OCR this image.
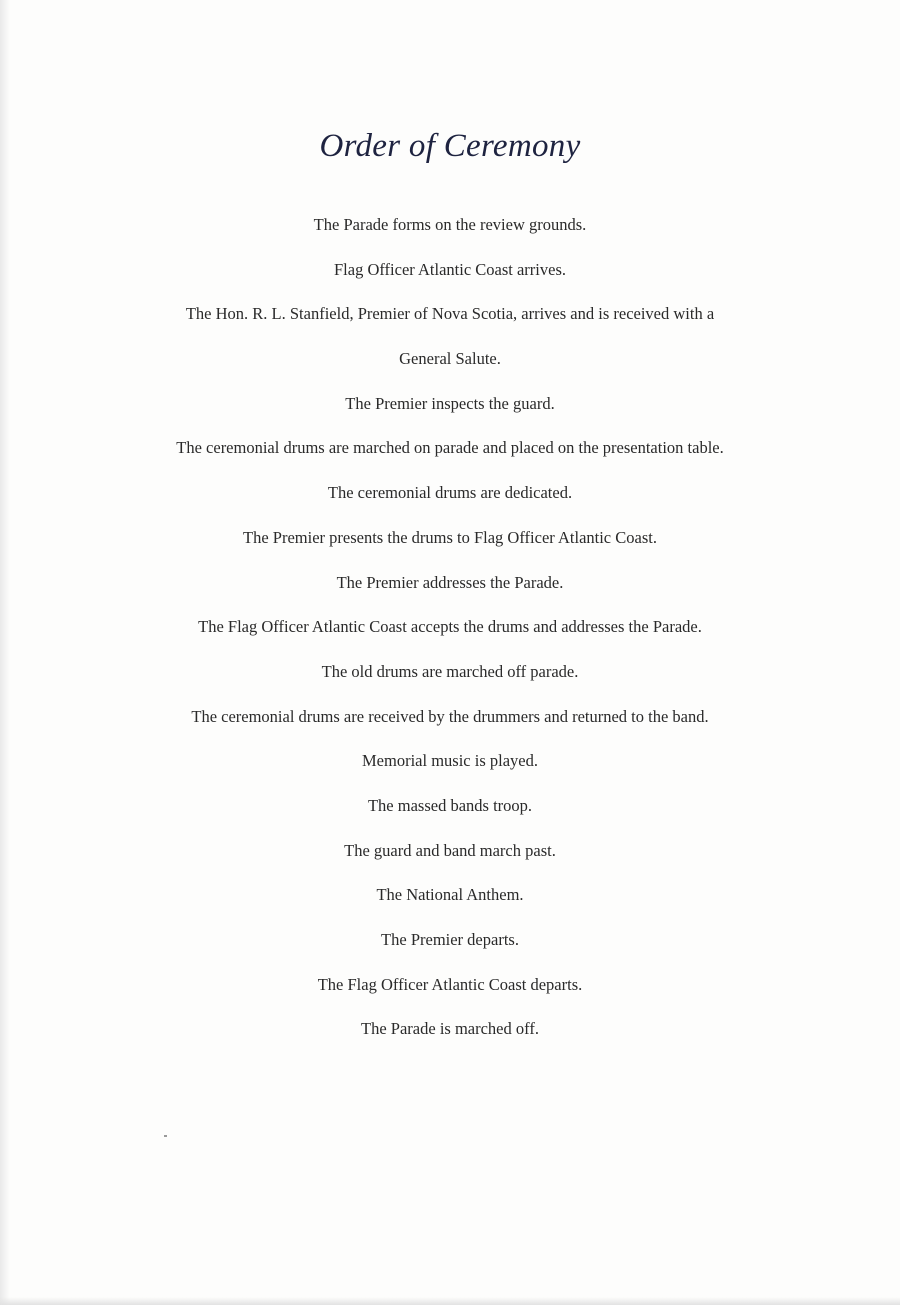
Order of Ceremony
The Parade forms on the review grounds.
Flag Officer Atlantic Coast arrives.
The Hon. R. L. Stanfield, Premier of Nova Scotia, arrives and is received with a
General Salute.
The Premier inspects the guard.
The ceremonial drums are marched on parade and placed on the presentation table.
The ceremonial drums are dedicated.
The Premier presents the drums to Flag Officer Atlantic Coast.
The Premier addresses the Parade.
The Flag Officer Atlantic Coast accepts the drums and addresses the Parade.
The old drums are marched off parade.
The ceremonial drums are received by the drummers and returned to the band.
Memorial music is played.
The massed bands troop.
The guard and band march past.
The National Anthem.
The Premier departs.
The Flag Officer Atlantic Coast departs.
The Parade is marched off.
